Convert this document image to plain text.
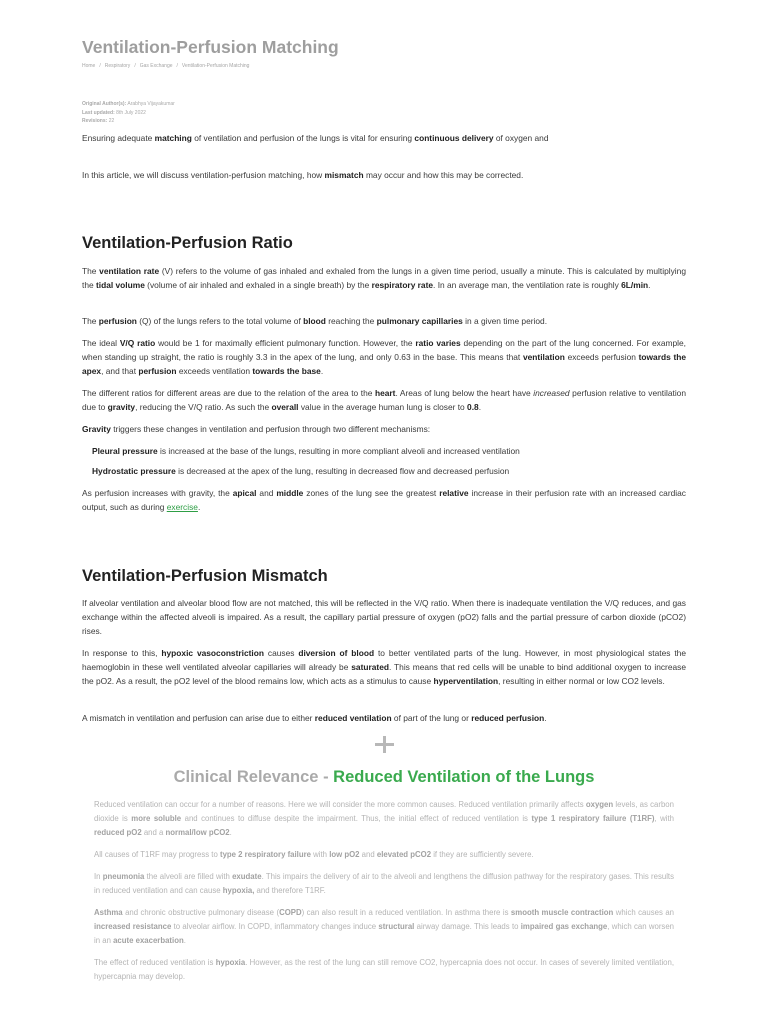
Ventilation-Perfusion Matching
Home / Respiratory / Gas Exchange / Ventilation-Perfusion Matching
Original Author(s): Arabhya Vijayakumar
Last updated: 8th July 2022
Revisions: 22

Ensuring adequate matching of ventilation and perfusion of the lungs is vital for ensuring continuous delivery of oxygen and

In this article, we will discuss ventilation-perfusion matching, how mismatch may occur and how this may be corrected.

Ventilation-Perfusion Ratio

The ventilation rate (V) refers to the volume of gas inhaled and exhaled from the lungs in a given time period, usually a minute. This is calculated by multiplying the tidal volume (volume of air inhaled and exhaled in a single breath) by the respiratory rate. In an average man, the ventilation rate is roughly 6L/min.

The perfusion (Q) of the lungs refers to the total volume of blood reaching the pulmonary capillaries in a given time period.

The ideal V/Q ratio would be 1 for maximally efficient pulmonary function. However, the ratio varies depending on the part of the lung concerned. For example, when standing up straight, the ratio is roughly 3.3 in the apex of the lung, and only 0.63 in the base. This means that ventilation exceeds perfusion towards the apex, and that perfusion exceeds ventilation towards the base.

The different ratios for different areas are due to the relation of the area to the heart. Areas of lung below the heart have increased perfusion relative to ventilation due to gravity, reducing the V/Q ratio. As such the overall value in the average human lung is closer to 0.8.

Gravity triggers these changes in ventilation and perfusion through two different mechanisms:

Pleural pressure is increased at the base of the lungs, resulting in more compliant alveoli and increased ventilation

Hydrostatic pressure is decreased at the apex of the lung, resulting in decreased flow and decreased perfusion

As perfusion increases with gravity, the apical and middle zones of the lung see the greatest relative increase in their perfusion rate with an increased cardiac output, such as during exercise.

Ventilation-Perfusion Mismatch

If alveolar ventilation and alveolar blood flow are not matched, this will be reflected in the V/Q ratio. When there is inadequate ventilation the V/Q reduces, and gas exchange within the affected alveoli is impaired. As a result, the capillary partial pressure of oxygen (pO2) falls and the partial pressure of carbon dioxide (pCO2) rises.

In response to this, hypoxic vasoconstriction causes diversion of blood to better ventilated parts of the lung. However, in most physiological states the haemoglobin in these well ventilated alveolar capillaries will already be saturated. This means that red cells will be unable to bind additional oxygen to increase the pO2. As a result, the pO2 level of the blood remains low, which acts as a stimulus to cause hyperventilation, resulting in either normal or low CO2 levels.

A mismatch in ventilation and perfusion can arise due to either reduced ventilation of part of the lung or reduced perfusion.

Clinical Relevance - Reduced Ventilation of the Lungs

Reduced ventilation can occur for a number of reasons. Here we will consider the more common causes. Reduced ventilation primarily affects oxygen levels, as carbon dioxide is more soluble and continues to diffuse despite the impairment. Thus, the initial effect of reduced ventilation is type 1 respiratory failure (T1RF), with reduced pO2 and a normal/low pCO2.

All causes of T1RF may progress to type 2 respiratory failure with low pO2 and elevated pCO2 if they are sufficiently severe.

In pneumonia the alveoli are filled with exudate. This impairs the delivery of air to the alveoli and lengthens the diffusion pathway for the respiratory gases. This results in reduced ventilation and can cause hypoxia, and therefore T1RF.

Asthma and chronic obstructive pulmonary disease (COPD) can also result in a reduced ventilation. In asthma there is smooth muscle contraction which causes an increased resistance to alveolar airflow. In COPD, inflammatory changes induce structural airway damage. This leads to impaired gas exchange, which can worsen in an acute exacerbation.

The effect of reduced ventilation is hypoxia. However, as the rest of the lung can still remove CO2, hypercapnia does not occur. In cases of severely limited ventilation, hypercapnia may develop.
